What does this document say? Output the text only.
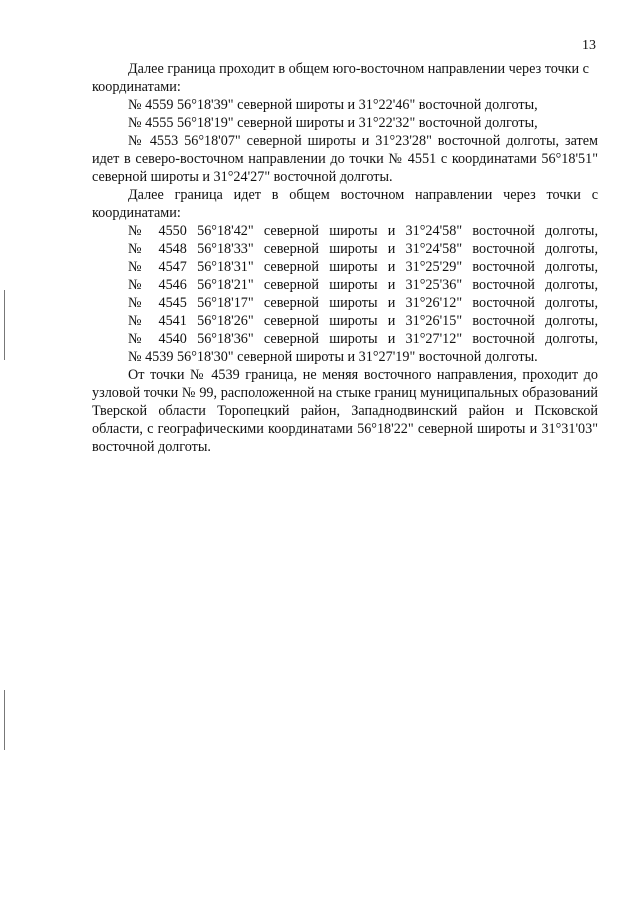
13
Далее граница проходит в общем юго-восточном направлении через точки с координатами:
№ 4559 56°18'39" северной широты и 31°22'46" восточной долготы,
№ 4555 56°18'19" северной широты и 31°22'32" восточной долготы,
№ 4553 56°18'07" северной широты и 31°23'28" восточной долготы, затем идет в северо-восточном направлении до точки № 4551 с координатами 56°18'51" северной широты и 31°24'27" восточной долготы.
Далее граница идет в общем восточном направлении через точки с координатами:
№ 4550 56°18'42" северной широты и 31°24'58" восточной долготы,
№ 4548 56°18'33" северной широты и 31°24'58" восточной долготы,
№ 4547 56°18'31" северной широты и 31°25'29" восточной долготы,
№ 4546 56°18'21" северной широты и 31°25'36" восточной долготы,
№ 4545 56°18'17" северной широты и 31°26'12" восточной долготы,
№ 4541 56°18'26" северной широты и 31°26'15" восточной долготы,
№ 4540 56°18'36" северной широты и 31°27'12" восточной долготы,
№ 4539 56°18'30" северной широты и 31°27'19" восточной долготы.
От точки № 4539 граница, не меняя восточного направления, проходит до узловой точки № 99, расположенной на стыке границ муниципальных образований Тверской области Торопецкий район, Западнодвинский район и Псковской области, с географическими координатами 56°18'22" северной широты и 31°31'03" восточной долготы.
